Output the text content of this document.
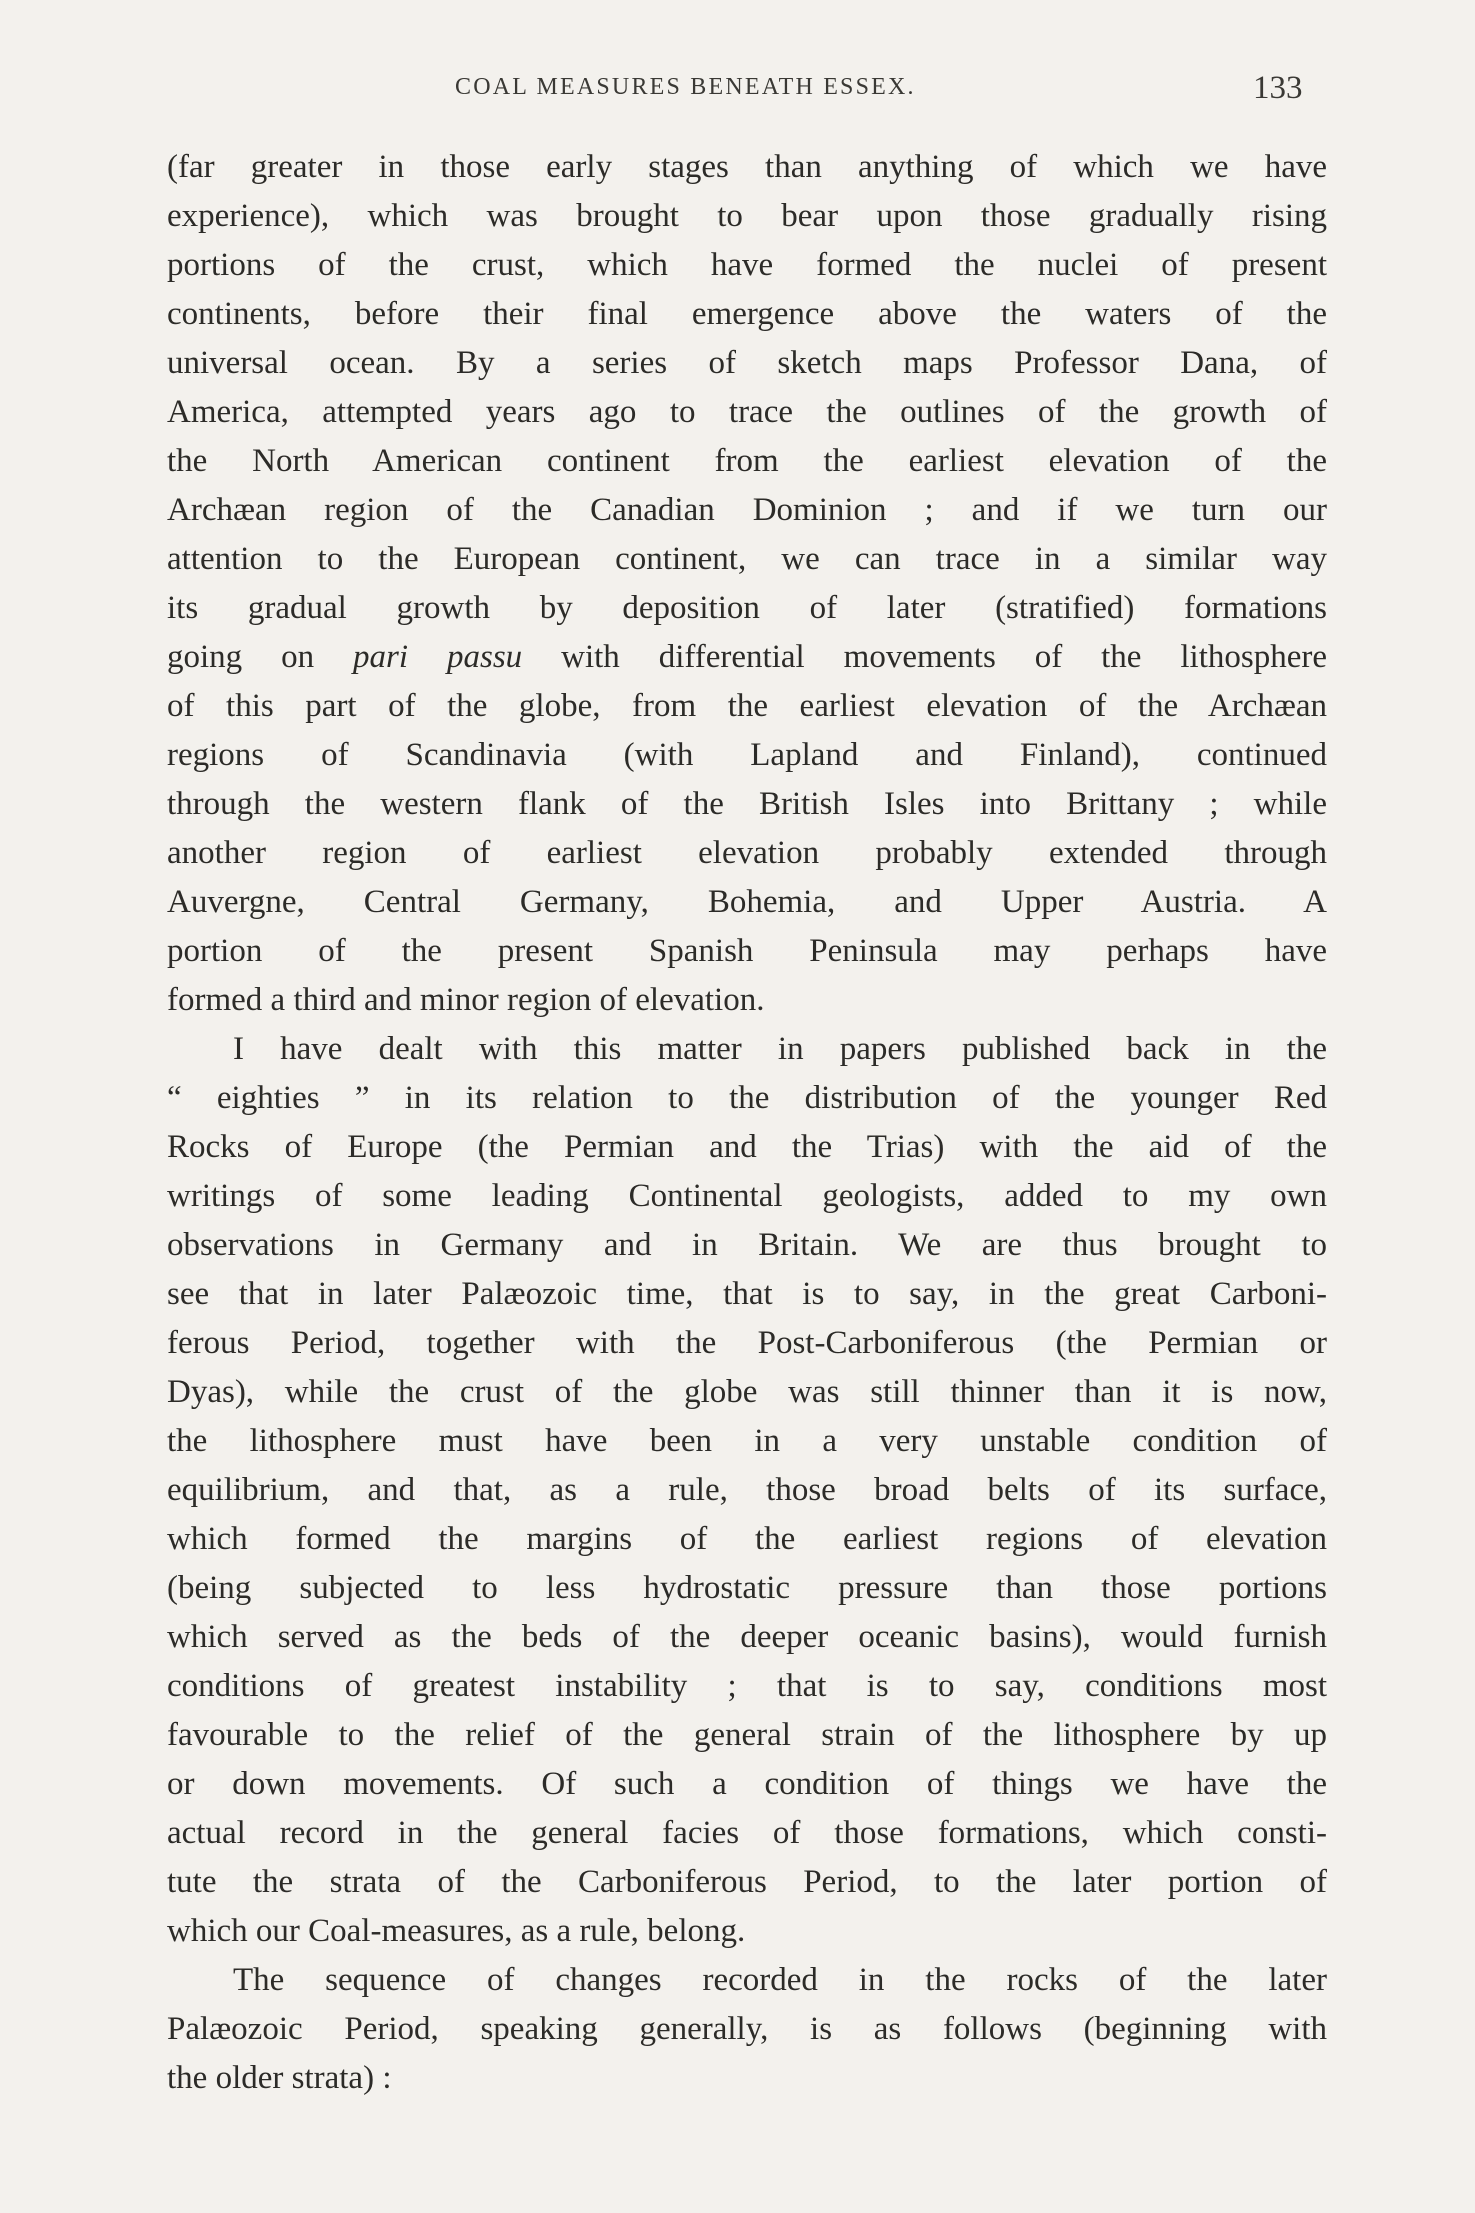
COAL MEASURES BENEATH ESSEX.	133
(far greater in those early stages than anything of which we have
experience), which was brought to bear upon those gradually rising
portions of the crust, which have formed the nuclei of present
continents, before their final emergence above the waters of the
universal ocean. By a series of sketch maps Professor Dana, of
America, attempted years ago to trace the outlines of the growth of
the North American continent from the earliest elevation of the
Archæan region of the Canadian Dominion ; and if we turn our
attention to the European continent, we can trace in a similar way
its gradual growth by deposition of later (stratified) formations
going on pari passu with differential movements of the lithosphere
of this part of the globe, from the earliest elevation of the Archæan
regions of Scandinavia (with Lapland and Finland), continued
through the western flank of the British Isles into Brittany ; while
another region of earliest elevation probably extended through
Auvergne, Central Germany, Bohemia, and Upper Austria. A
portion of the present Spanish Peninsula may perhaps have
formed a third and minor region of elevation.
I have dealt with this matter in papers published back in the
“ eighties ” in its relation to the distribution of the younger Red
Rocks of Europe (the Permian and the Trias) with the aid of the
writings of some leading Continental geologists, added to my own
observations in Germany and in Britain. We are thus brought to
see that in later Palæozoic time, that is to say, in the great Carboni-
ferous Period, together with the Post-Carboniferous (the Permian or
Dyas), while the crust of the globe was still thinner than it is now,
the lithosphere must have been in a very unstable condition of
equilibrium, and that, as a rule, those broad belts of its surface,
which formed the margins of the earliest regions of elevation
(being subjected to less hydrostatic pressure than those portions
which served as the beds of the deeper oceanic basins), would furnish
conditions of greatest instability ; that is to say, conditions most
favourable to the relief of the general strain of the lithosphere by up
or down movements. Of such a condition of things we have the
actual record in the general facies of those formations, which consti-
tute the strata of the Carboniferous Period, to the later portion of
which our Coal-measures, as a rule, belong.
The sequence of changes recorded in the rocks of the later
Palæozoic Period, speaking generally, is as follows (beginning with
the older strata) :
